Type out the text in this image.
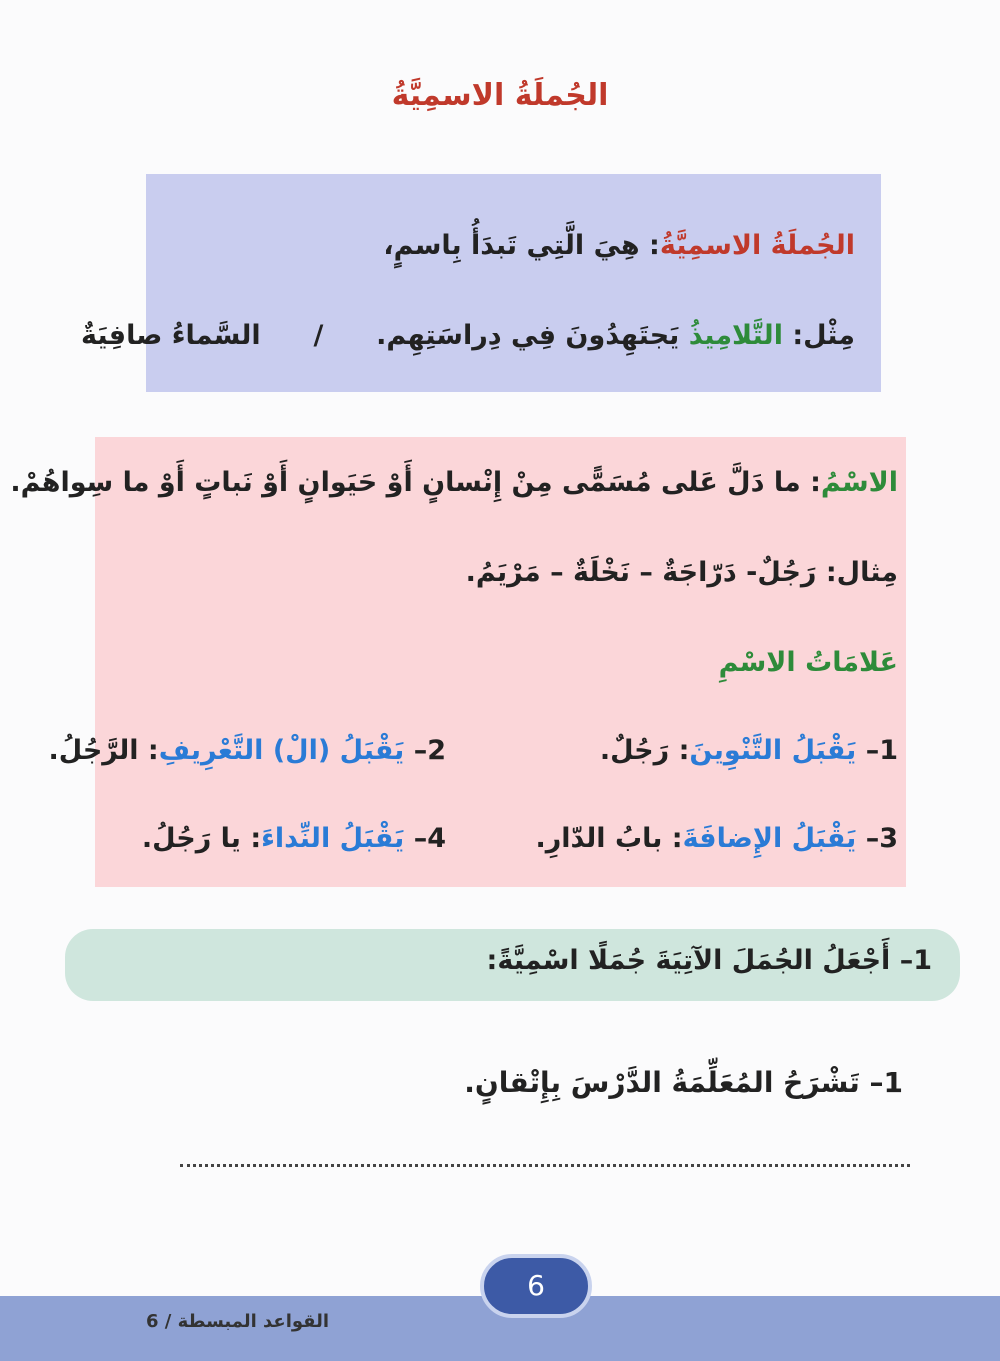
الجُملَةُ الاسمِيَّةُ
الجُملَةُ الاسمِيَّةُ: هِيَ الَّتِي تَبدَأُ بِاسمٍ،
مِثْل: التَّلامِيذُ يَجتَهِدُونَ فِي دِراسَتِهِم.  /  السَّماءُ صافِيَةٌ
الاسْمُ: ما دَلَّ عَلى مُسَمًّى مِنْ إِنْسانٍ أَوْ حَيَوانٍ أَوْ نَباتٍ أَوْ ما سِواهُمْ.
مِثال: رَجُلٌ- دَرّاجَةٌ – نَخْلَةٌ – مَرْيَمُ.
عَلامَاتُ الاسْمِ
1– يَقْبَلُ التَّنْوِينَ: رَجُلٌ.
2– يَقْبَلُ (الْ) التَّعْرِيفِ: الرَّجُلُ.
3– يَقْبَلُ الإِضافَةَ: بابُ الدّارِ.
4– يَقْبَلُ النِّداءَ: يا رَجُلُ.
1– أَجْعَلُ الجُمَلَ الآتِيَةَ جُمَلًا اسْمِيَّةً:
1– تَشْرَحُ المُعَلِّمَةُ الدَّرْسَ بِإِتْقانٍ.
القواعد المبسطة / 6
6
